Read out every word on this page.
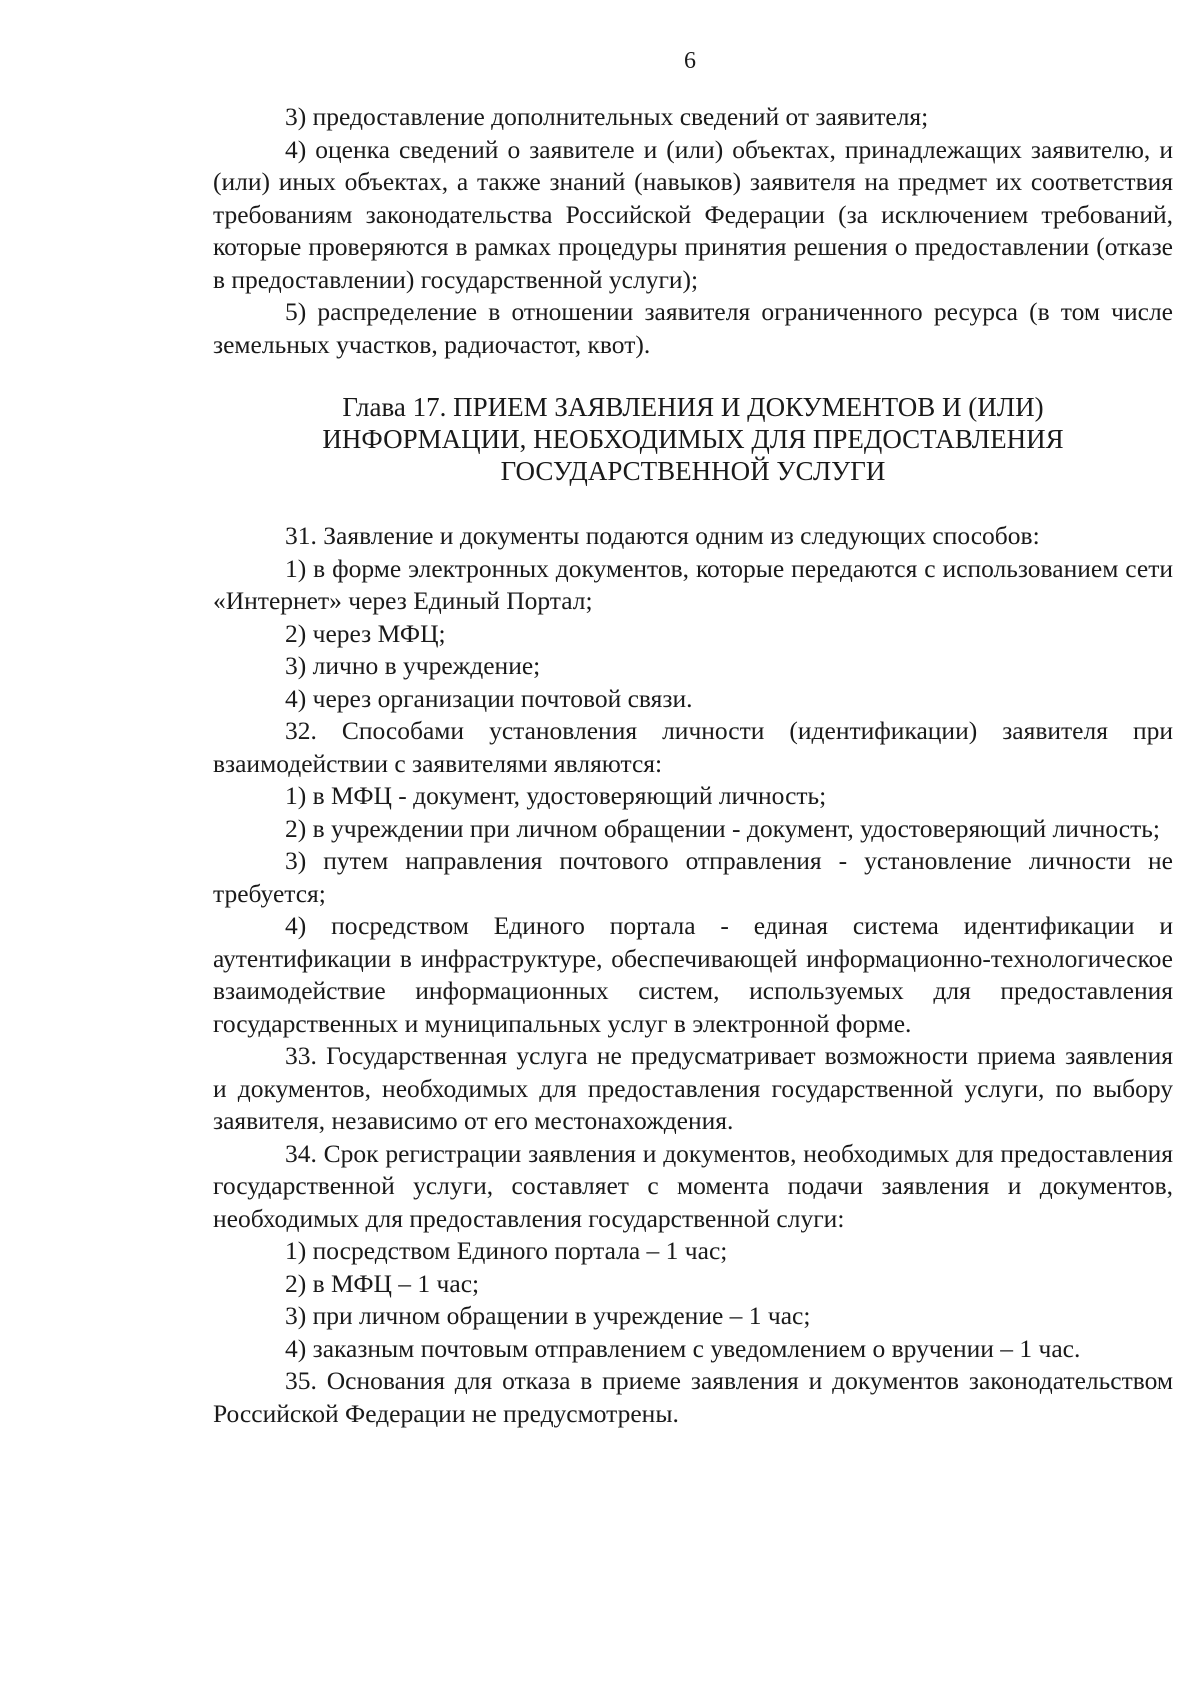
6

3) предоставление дополнительных сведений от заявителя;

4) оценка сведений о заявителе и (или) объектах, принадлежащих заявителю, и (или) иных объектах, а также знаний (навыков) заявителя на предмет их соответствия требованиям законодательства Российской Федерации (за исключением требований, которые проверяются в рамках процедуры принятия решения о предоставлении (отказе в предоставлении) государственной услуги);

5) распределение в отношении заявителя ограниченного ресурса (в том числе земельных участков, радиочастот, квот).

Глава 17. ПРИЕМ ЗАЯВЛЕНИЯ И ДОКУМЕНТОВ И (ИЛИ)
ИНФОРМАЦИИ, НЕОБХОДИМЫХ ДЛЯ ПРЕДОСТАВЛЕНИЯ
ГОСУДАРСТВЕННОЙ УСЛУГИ

31. Заявление и документы подаются одним из следующих способов:

1) в форме электронных документов, которые передаются с использованием сети «Интернет» через Единый Портал;

2) через МФЦ;

3) лично в учреждение;

4) через организации почтовой связи.

32. Способами установления личности (идентификации) заявителя при взаимодействии с заявителями являются:

1) в МФЦ - документ, удостоверяющий личность;

2) в учреждении при личном обращении - документ, удостоверяющий личность;

3) путем направления почтового отправления - установление личности не требуется;

4) посредством Единого портала - единая система идентификации и аутентификации в инфраструктуре, обеспечивающей информационно-технологическое взаимодействие информационных систем, используемых для предоставления государственных и муниципальных услуг в электронной форме.

33. Государственная услуга не предусматривает возможности приема заявления и документов, необходимых для предоставления государственной услуги, по выбору заявителя, независимо от его местонахождения.

34. Срок регистрации заявления и документов, необходимых для предоставления государственной услуги, составляет с момента подачи заявления и документов, необходимых для предоставления государственной слуги:

1) посредством Единого портала – 1 час;

2) в МФЦ – 1 час;

3) при личном обращении в учреждение – 1 час;

4) заказным почтовым отправлением с уведомлением о вручении – 1 час.

35. Основания для отказа в приеме заявления и документов законодательством Российской Федерации не предусмотрены.
